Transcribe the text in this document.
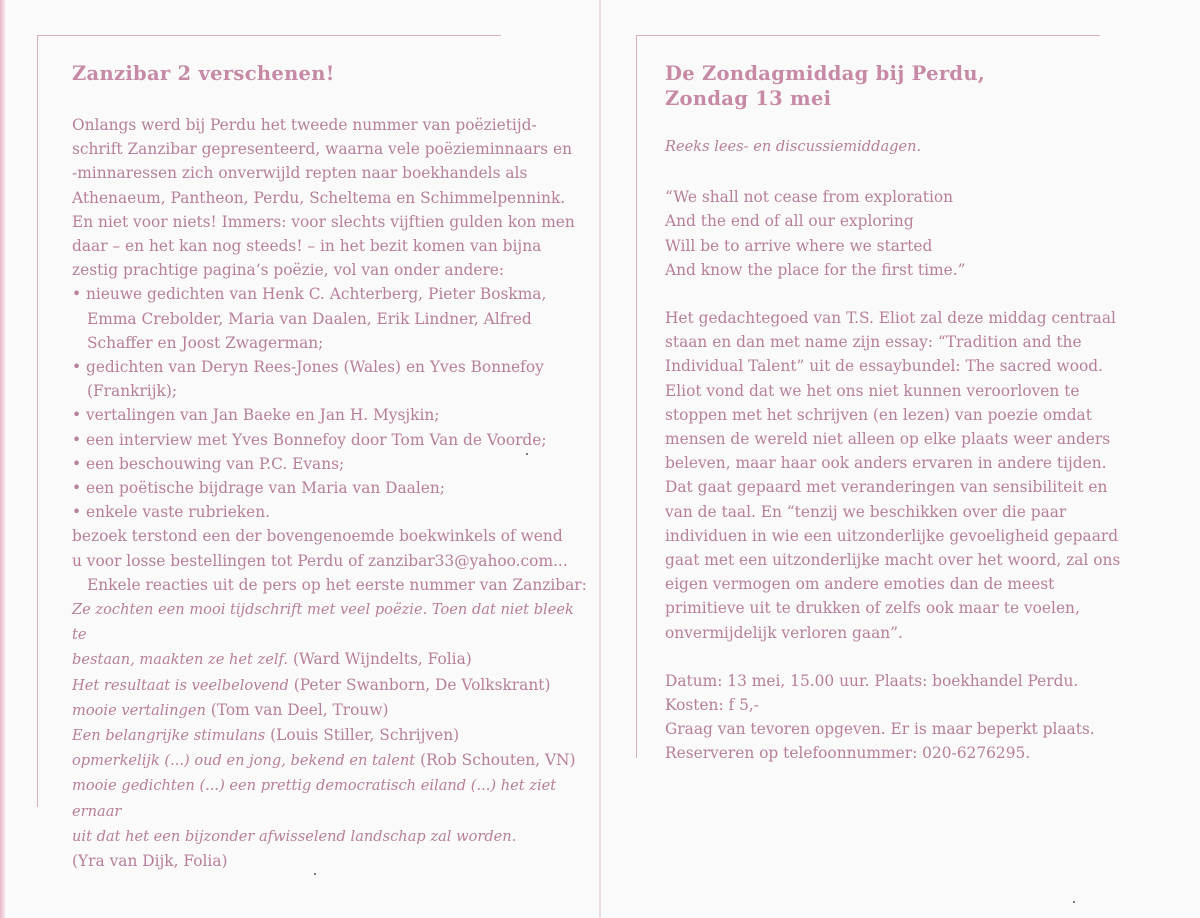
Zanzibar 2 verschenen!

Onlangs werd bij Perdu het tweede nummer van poëzietijd-

schrift Zanzibar gepresenteerd, waarna vele poëzieminnaars en

-minnaressen zich onverwijld repten naar boekhandels als

Athenaeum, Pantheon, Perdu, Scheltema en Schimmelpennink.

En niet voor niets! Immers: voor slechts vijftien gulden kon men

daar – en het kan nog steeds! – in het bezit komen van bijna

zestig prachtige pagina’s poëzie, vol van onder andere:

• nieuwe gedichten van Henk C. Achterberg, Pieter Boskma,

Emma Crebolder, Maria van Daalen, Erik Lindner, Alfred

Schaffer en Joost Zwagerman;

• gedichten van Deryn Rees-Jones (Wales) en Yves Bonnefoy

(Frankrijk);

• vertalingen van Jan Baeke en Jan H. Mysjkin;

• een interview met Yves Bonnefoy door Tom Van de Voorde;

• een beschouwing van P.C. Evans;

• een poëtische bijdrage van Maria van Daalen;

• enkele vaste rubrieken.

bezoek terstond een der bovengenoemde boekwinkels of wend

u voor losse bestellingen tot Perdu of zanzibar33@yahoo.com...

Enkele reacties uit de pers op het eerste nummer van Zanzibar:

Ze zochten een mooi tijdschrift met veel poëzie. Toen dat niet bleek te

bestaan, maakten ze het zelf. (Ward Wijndelts, Folia)

Het resultaat is veelbelovend (Peter Swanborn, De Volkskrant)

mooie vertalingen (Tom van Deel, Trouw)

Een belangrijke stimulans (Louis Stiller, Schrijven)

opmerkelijk (...) oud en jong, bekend en talent (Rob Schouten, VN)

mooie gedichten (...) een prettig democratisch eiland (...) het ziet ernaar

uit dat het een bijzonder afwisselend landschap zal worden.

(Yra van Dijk, Folia)

De Zondagmiddag bij Perdu,
Zondag 13 mei

Reeks lees- en discussiemiddagen.

“We shall not cease from exploration

And the end of all our exploring

Will be to arrive where we started

And know the place for the first time.”

Het gedachtegoed van T.S. Eliot zal deze middag centraal

staan en dan met name zijn essay: “Tradition and the

Individual Talent” uit de essaybundel: The sacred wood.

Eliot vond dat we het ons niet kunnen veroorloven te

stoppen met het schrijven (en lezen) van poezie omdat

mensen de wereld niet alleen op elke plaats weer anders

beleven, maar haar ook anders ervaren in andere tijden.

Dat gaat gepaard met veranderingen van sensibiliteit en

van de taal. En “tenzij we beschikken over die paar

individuen in wie een uitzonderlijke gevoeligheid gepaard

gaat met een uitzonderlijke macht over het woord, zal ons

eigen vermogen om andere emoties dan de meest

primitieve uit te drukken of zelfs ook maar te voelen,

onvermijdelijk verloren gaan”.

Datum: 13 mei, 15.00 uur. Plaats: boekhandel Perdu.

Kosten: f 5,-

Graag van tevoren opgeven. Er is maar beperkt plaats.

Reserveren op telefoonnummer: 020-6276295.
